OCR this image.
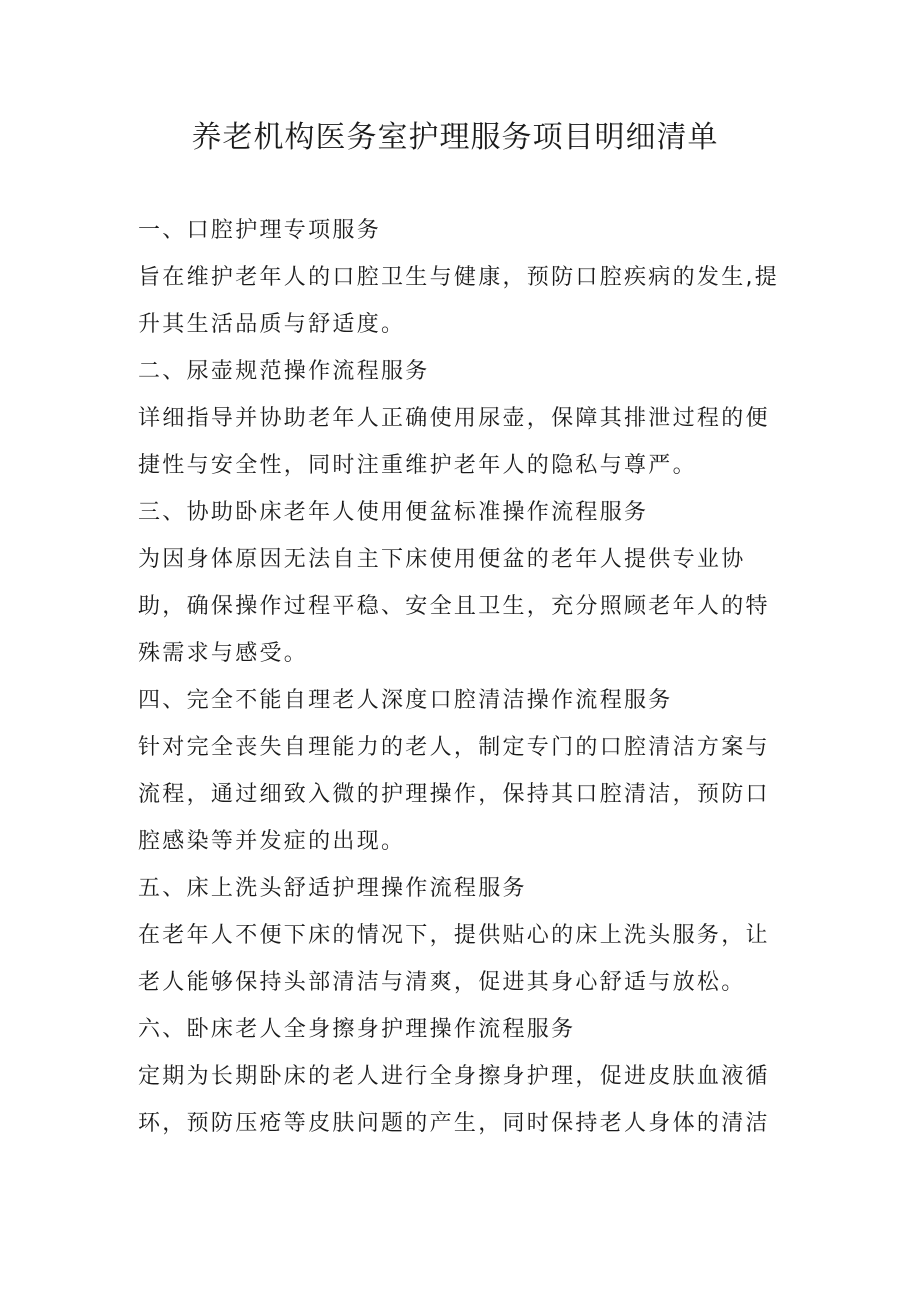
养老机构医务室护理服务项目明细清单
一、口腔护理专项服务
旨在维护老年人的口腔卫生与健康，预防口腔疾病的发生,提
升其生活品质与舒适度。
二、尿壶规范操作流程服务
详细指导并协助老年人正确使用尿壶，保障其排泄过程的便
捷性与安全性，同时注重维护老年人的隐私与尊严。
三、协助卧床老年人使用便盆标准操作流程服务
为因身体原因无法自主下床使用便盆的老年人提供专业协
助，确保操作过程平稳、安全且卫生，充分照顾老年人的特
殊需求与感受。
四、完全不能自理老人深度口腔清洁操作流程服务
针对完全丧失自理能力的老人，制定专门的口腔清洁方案与
流程，通过细致入微的护理操作，保持其口腔清洁，预防口
腔感染等并发症的出现。
五、床上洗头舒适护理操作流程服务
在老年人不便下床的情况下，提供贴心的床上洗头服务，让
老人能够保持头部清洁与清爽，促进其身心舒适与放松。
六、卧床老人全身擦身护理操作流程服务
定期为长期卧床的老人进行全身擦身护理，促进皮肤血液循
环，预防压疮等皮肤问题的产生，同时保持老人身体的清洁
